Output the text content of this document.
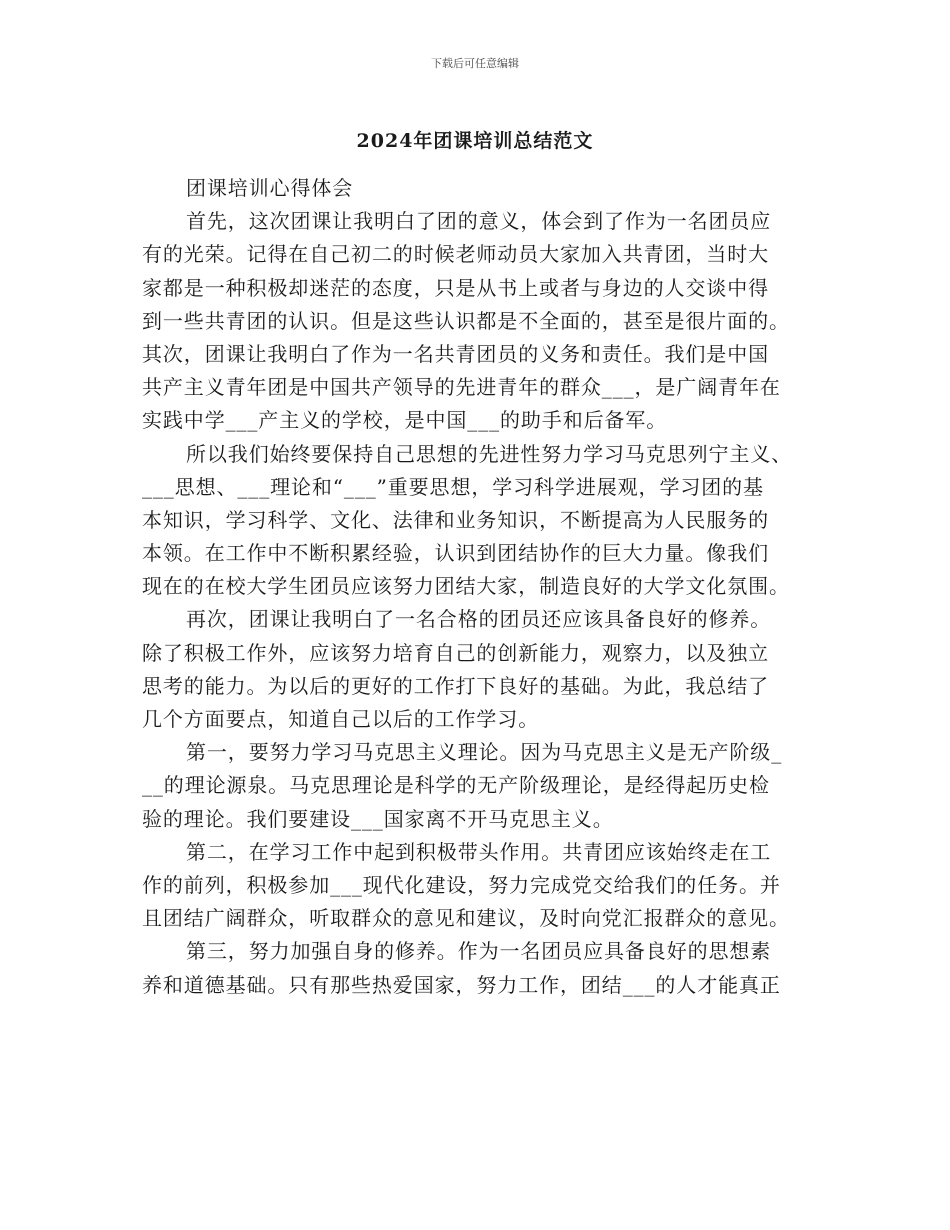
下载后可任意编辑
2024年团课培训总结范文
团课培训心得体会
首先，这次团课让我明白了团的意义，体会到了作为一名团员应
有的光荣。记得在自己初二的时候老师动员大家加入共青团，当时大
家都是一种积极却迷茫的态度，只是从书上或者与身边的人交谈中得
到一些共青团的认识。但是这些认识都是不全面的，甚至是很片面的。
其次，团课让我明白了作为一名共青团员的义务和责任。我们是中国
共产主义青年团是中国共产领导的先进青年的群众___，是广阔青年在
实践中学___产主义的学校，是中国___的助手和后备军。
所以我们始终要保持自己思想的先进性努力学习马克思列宁主义、
___思想、___理论和“___”重要思想，学习科学进展观，学习团的基
本知识，学习科学、文化、法律和业务知识，不断提高为人民服务的
本领。在工作中不断积累经验，认识到团结协作的巨大力量。像我们
现在的在校大学生团员应该努力团结大家，制造良好的大学文化氛围。
再次，团课让我明白了一名合格的团员还应该具备良好的修养。
除了积极工作外，应该努力培育自己的创新能力，观察力，以及独立
思考的能力。为以后的更好的工作打下良好的基础。为此，我总结了
几个方面要点，知道自己以后的工作学习。
第一，要努力学习马克思主义理论。因为马克思主义是无产阶级_
__的理论源泉。马克思理论是科学的无产阶级理论，是经得起历史检
验的理论。我们要建设___国家离不开马克思主义。
第二，在学习工作中起到积极带头作用。共青团应该始终走在工
作的前列，积极参加___现代化建设，努力完成党交给我们的任务。并
且团结广阔群众，听取群众的意见和建议，及时向党汇报群众的意见。
第三，努力加强自身的修养。作为一名团员应具备良好的思想素
养和道德基础。只有那些热爱国家，努力工作，团结___的人才能真正
